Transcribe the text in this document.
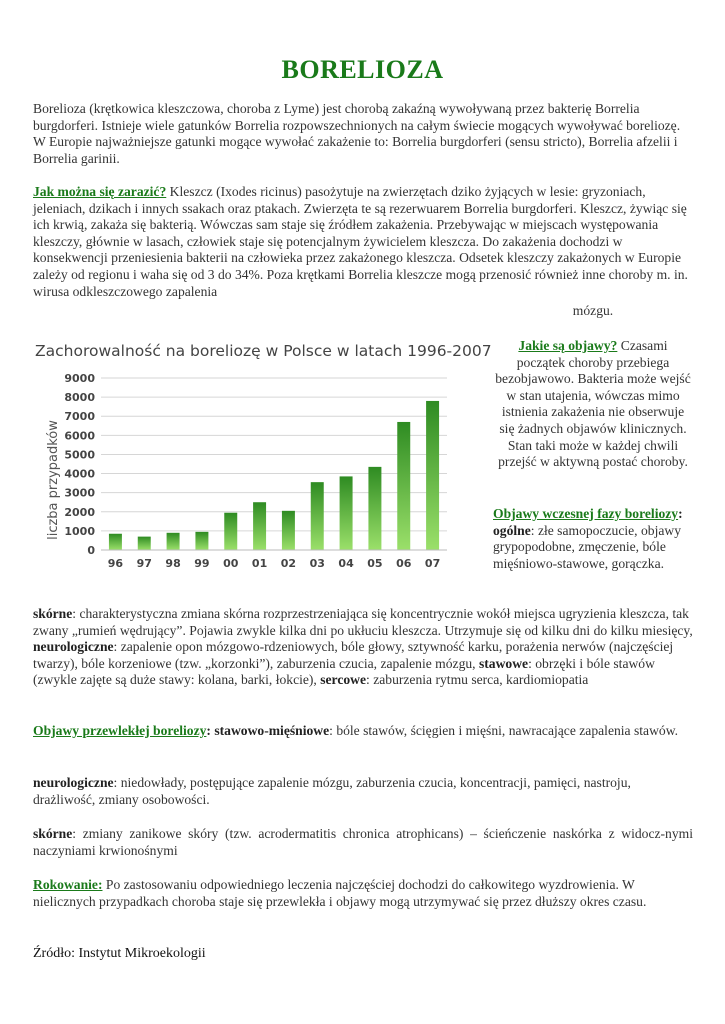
BORELIOZA

Borelioza (krętkowica kleszczowa, choroba z Lyme) jest chorobą zakaźną wywoływaną przez bakterię Borrelia burgdorferi. Istnieje wiele gatunków Borrelia rozpowszechnionych na całym świecie mogących wywoływać boreliozę. W Europie najważniejsze gatunki mogące wywołać zakażenie to: Borrelia burgdorferi (sensu stricto), Borrelia afzelii i Borrelia garinii.

Jak można się zarazić? Kleszcz (Ixodes ricinus) pasożytuje na zwierzętach dziko żyjących w lesie: gryzoniach, jeleniach, dzikach i innych ssakach oraz ptakach. Zwierzęta te są rezerwuarem Borrelia burgdorferi. Kleszcz, żywiąc się ich krwią, zakaża się bakterią. Wówczas sam staje się źródłem zakażenia. Przebywając w miejscach występowania kleszczy, głównie w lasach, człowiek staje się potencjalnym żywicielem kleszcza. Do zakażenia dochodzi w konsekwencji przeniesienia bakterii na człowieka przez zakażonego kleszcza. Odsetek kleszczy zakażonych w Europie zależy od regionu i waha się od 3 do 34%. Poza krętkami Borrelia kleszcze mogą przenosić również inne choroby m. in. wirusa odkleszczowego zapalenia

mózgu.

Zachorowalność na boreliozę w Polsce w latach 1996-2007

liczba przypadków
0
1000
2000
3000
4000
5000
6000
7000
8000
9000
96 97 98 99 00 01 02 03 04 05 06 07

Jakie są objawy? Czasami początek choroby przebiega bezobjawowo. Bakteria może wejść w stan utajenia, wówczas mimo istnienia zakażenia nie obserwuje się żadnych objawów klinicznych. Stan taki może w każdej chwili przejść w aktywną postać choroby.

Objawy wczesnej fazy boreliozy: ogólne: złe samopoczucie, objawy grypopodobne, zmęczenie, bóle mięśniowo-stawowe, gorączka.

skórne: charakterystyczna zmiana skórna rozprzestrzeniająca się koncentrycznie wokół miejsca ugryzienia kleszcza, tak zwany „rumień wędrujący”. Pojawia zwykle kilka dni po ukłuciu kleszcza. Utrzymuje się od kilku dni do kilku miesięcy, neurologiczne: zapalenie opon mózgowo-rdzeniowych, bóle głowy, sztywność karku, porażenia nerwów (najczęściej twarzy), bóle korzeniowe (tzw. „korzonki”), zaburzenia czucia, zapalenie mózgu, stawowe: obrzęki i bóle stawów (zwykle zajęte są duże stawy: kolana, barki, łokcie), sercowe: zaburzenia rytmu serca, kardiomiopatia

Objawy przewlekłej boreliozy: stawowo-mięśniowe: bóle stawów, ścięgien i mięśni, nawracające zapalenia stawów.

neurologiczne: niedowłady, postępujące zapalenie mózgu, zaburzenia czucia, koncentracji, pamięci, nastroju, drażliwość, zmiany osobowości.

skórne: zmiany zanikowe skóry (tzw. acrodermatitis chronica atrophicans) – ścieńczenie naskórka z widocz-nymi naczyniami krwionośnymi

Rokowanie: Po zastosowaniu odpowiedniego leczenia najczęściej dochodzi do całkowitego wyzdrowienia. W nielicznych przypadkach choroba staje się przewlekła i objawy mogą utrzymywać się przez dłuższy okres czasu.

Źródło: Instytut Mikroekologii
